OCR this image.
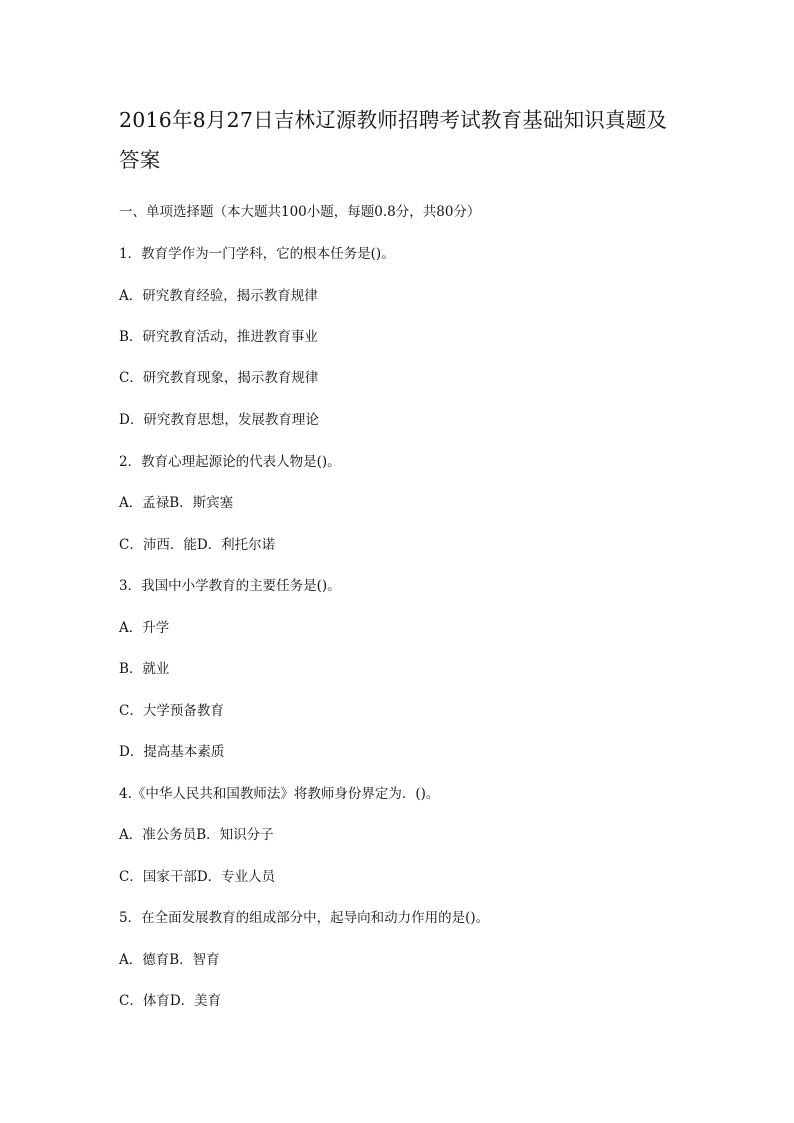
2016年8月27日吉林辽源教师招聘考试教育基础知识真题及答案
一、单项选择题（本大题共100小题，每题0.8分，共80分）
1．教育学作为一门学科，它的根本任务是()。
A．研究教育经验，揭示教育规律
B．研究教育活动，推进教育事业
C．研究教育现象，揭示教育规律
D．研究教育思想，发展教育理论
2．教育心理起源论的代表人物是()。
A．孟禄B．斯宾塞
C．沛西．能D．利托尔诺
3．我国中小学教育的主要任务是()。
A．升学
B．就业
C．大学预备教育
D．提高基本素质
4.《中华人民共和国教师法》将教师身份界定为．()。
A．准公务员B．知识分子
C．国家干部D．专业人员
5．在全面发展教育的组成部分中，起导向和动力作用的是()。
A．德育B．智育
C．体育D．美育
